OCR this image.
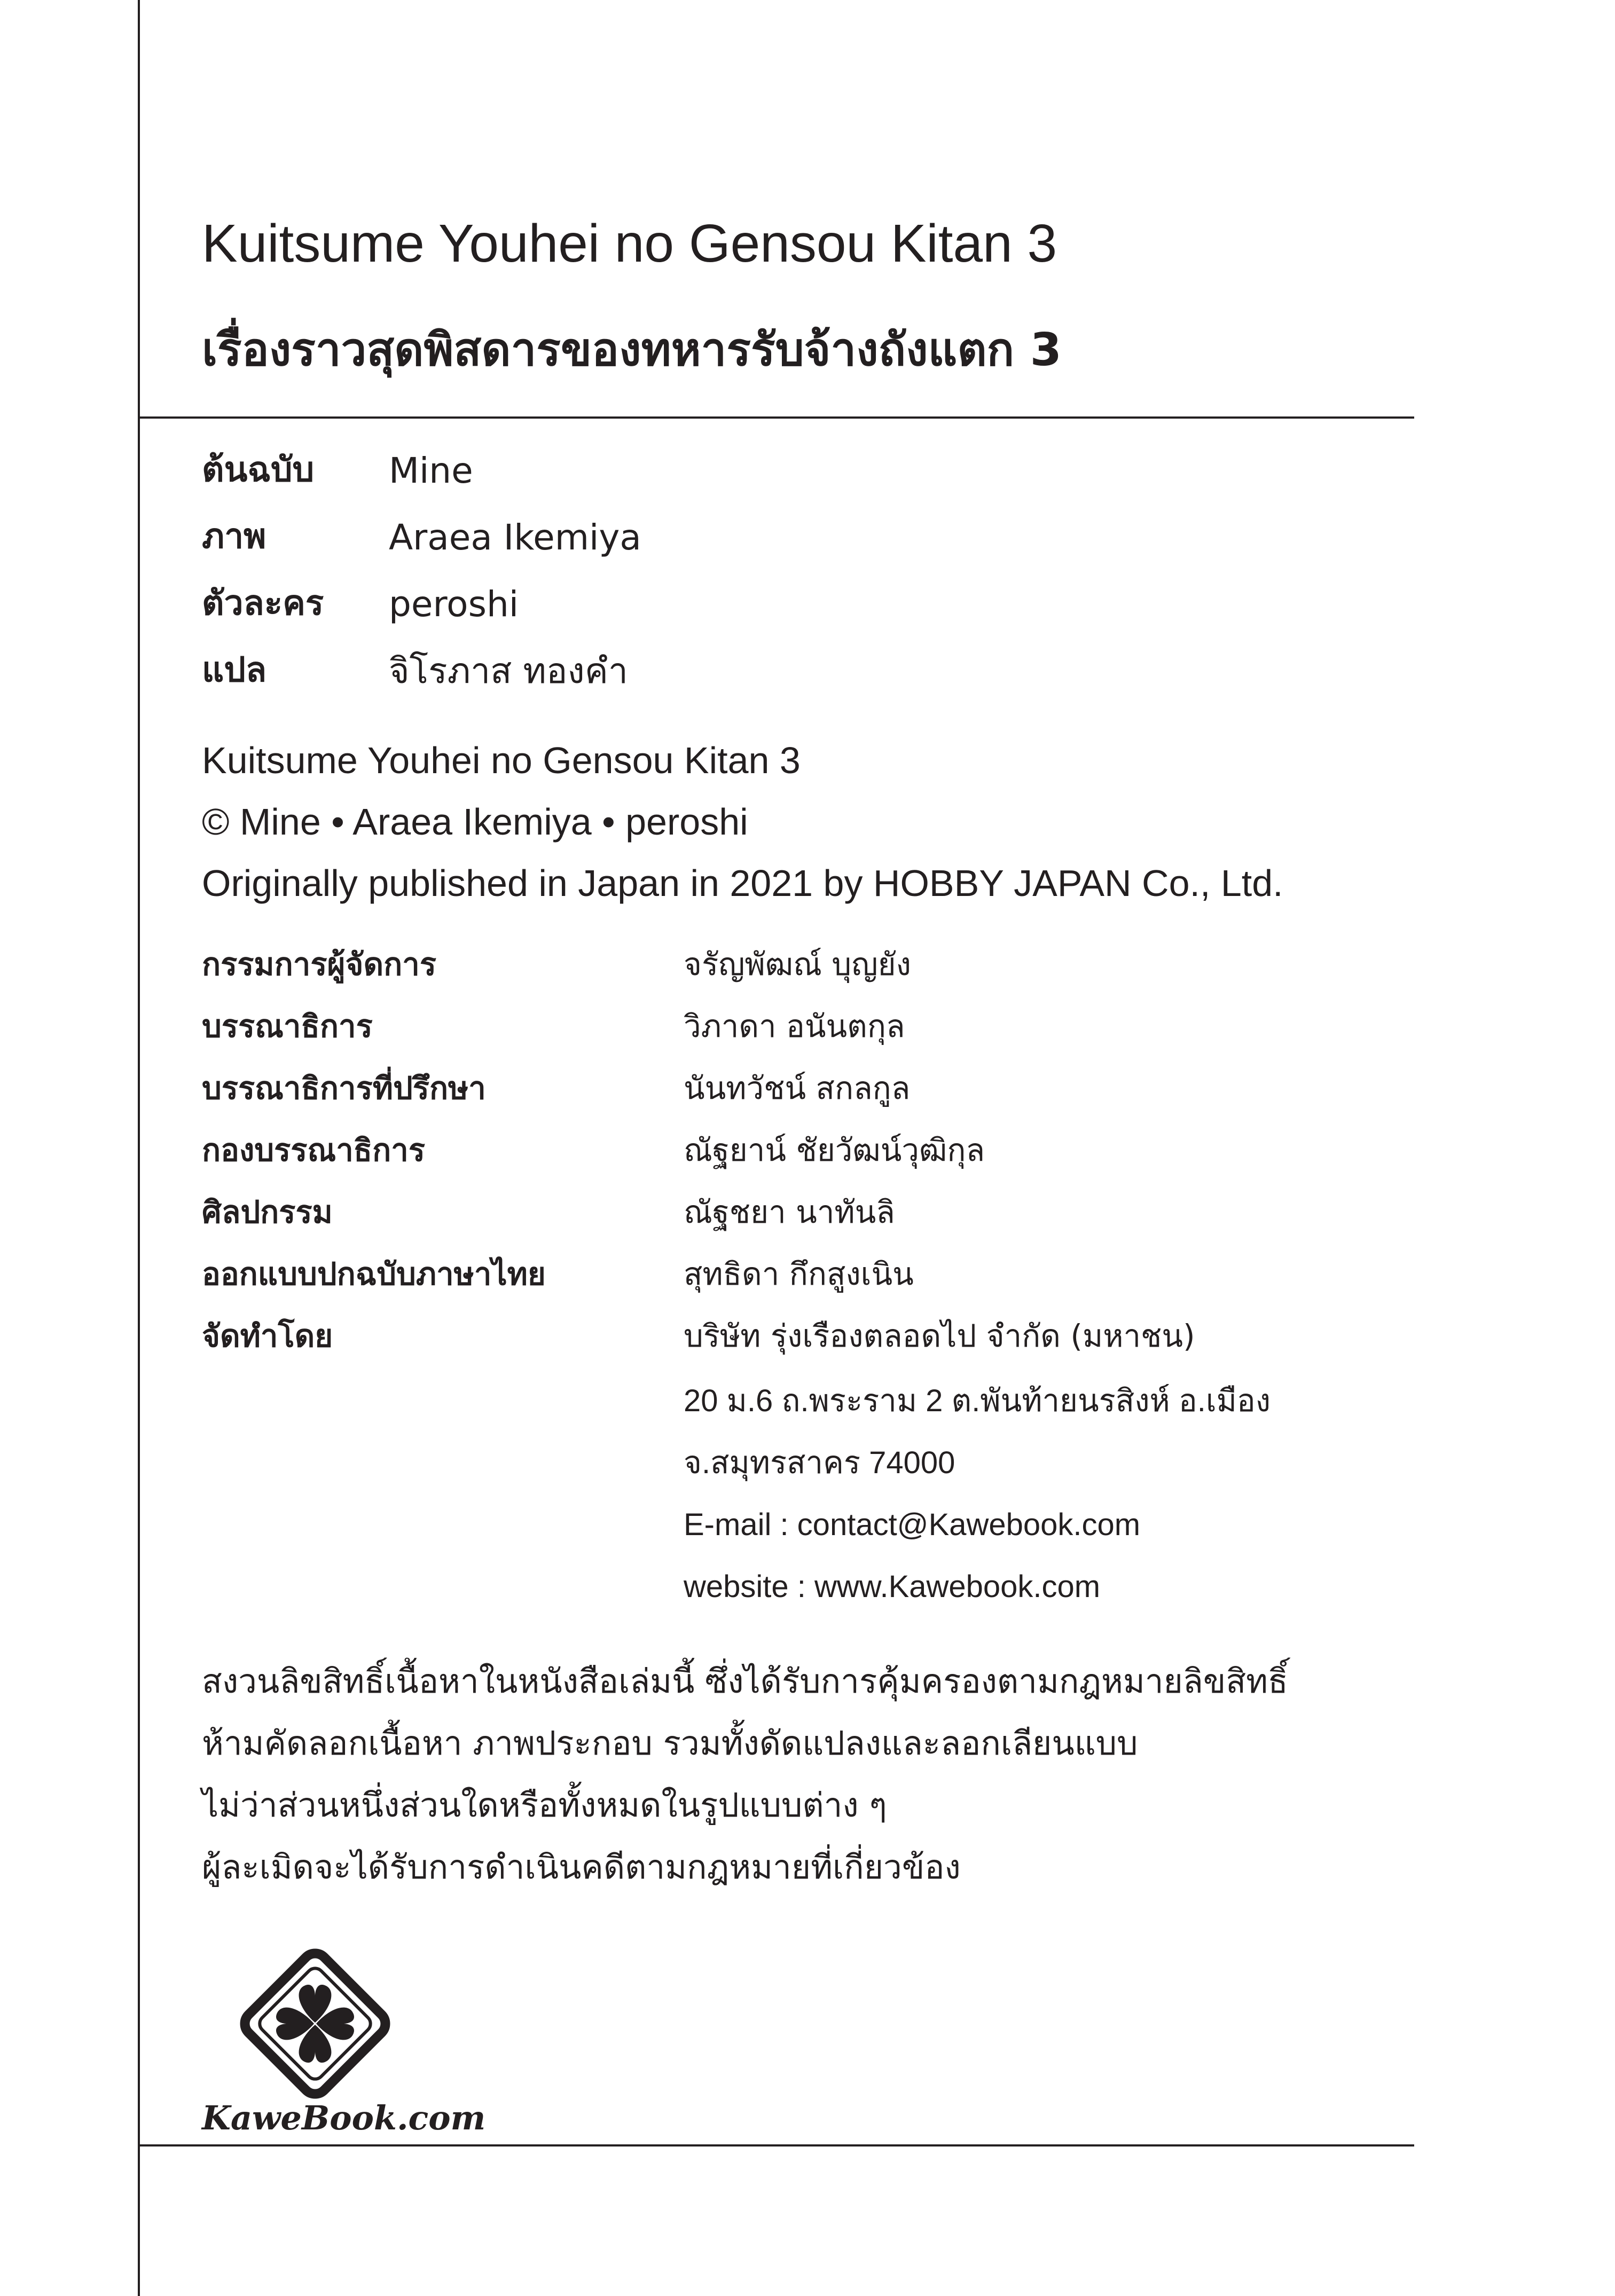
Kuitsume Youhei no Gensou Kitan 3
เรื่องราวสุดพิสดารของทหารรับจ้างถังแตก 3
ต้นฉบับ Mine
ภาพ	Araea Ikemiya
ตัวละคร peroshi
แปล	จิโรภาส ทองคำ
Kuitsume Youhei no Gensou Kitan 3
© Mine • Araea Ikemiya • peroshi
Originally published in Japan in 2021 by HOBBY JAPAN Co., Ltd.
กรรมการผู้จัดการ	จรัญพัฒณ์ บุญยัง
บรรณาธิการ	วิภาดา อนันตกุล
บรรณาธิการที่ปรึกษา	นันทวัชน์ สกลกูล
กองบรรณาธิการ	ณัฐยาน์ ชัยวัฒน์วุฒิกุล
ศิลปกรรม	ณัฐชยา นาทันลิ
ออกแบบปกฉบับภาษาไทย	สุทธิดา กึกสูงเนิน
จัดทำโดย	บริษัท รุ่งเรืองตลอดไป จำกัด (มหาชน)
20 ม.6 ถ.พระราม 2 ต.พันท้ายนรสิงห์ อ.เมือง
จ.สมุทรสาคร 74000
E-mail : contact@Kawebook.com
website : www.Kawebook.com
สงวนลิขสิทธิ์เนื้อหาในหนังสือเล่มนี้ ซึ่งได้รับการคุ้มครองตามกฎหมายลิขสิทธิ์
ห้ามคัดลอกเนื้อหา ภาพประกอบ รวมทั้งดัดแปลงและลอกเลียนแบบ
ไม่ว่าส่วนหนึ่งส่วนใดหรือทั้งหมดในรูปแบบต่าง ๆ
ผู้ละเมิดจะได้รับการดำเนินคดีตามกฎหมายที่เกี่ยวข้อง
KaweBook.com
